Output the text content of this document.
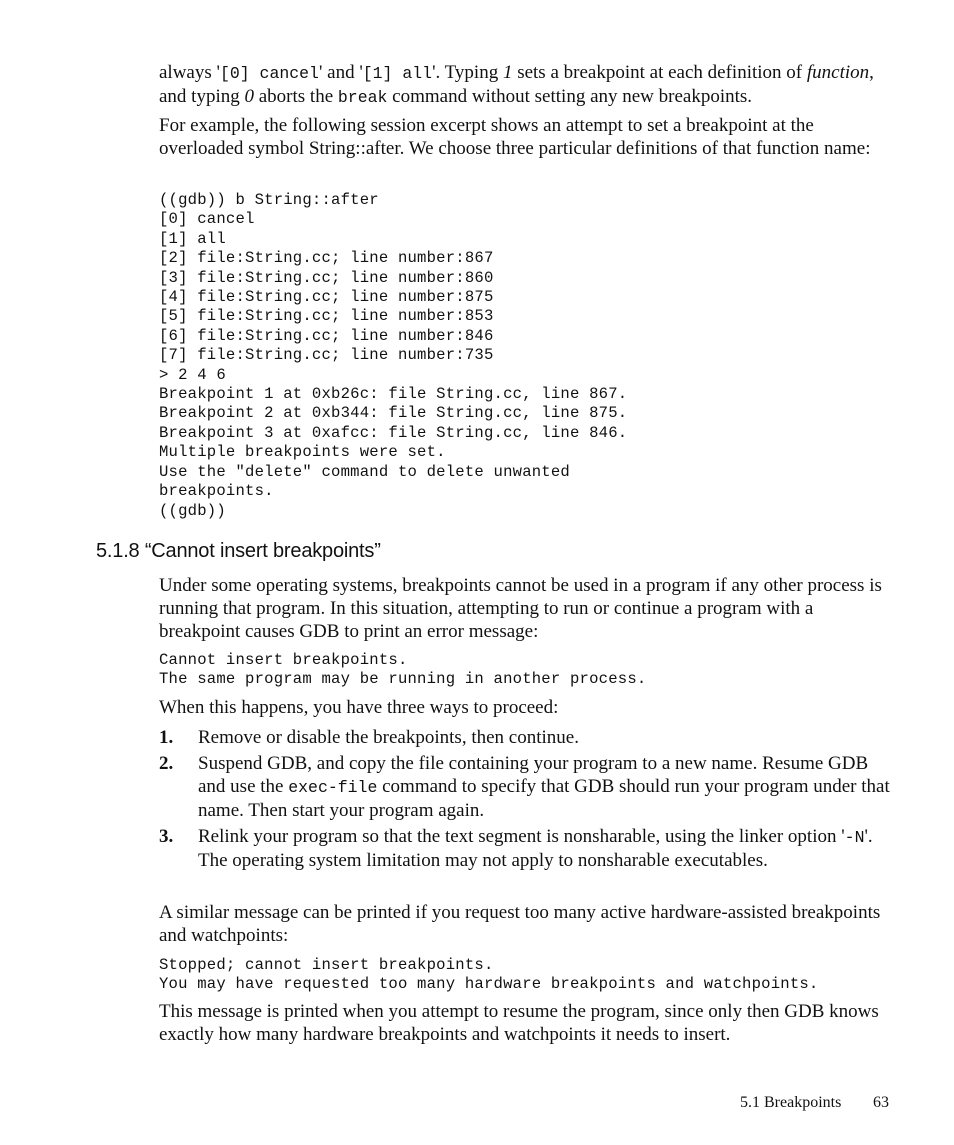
always '[0] cancel' and '[1] all'. Typing 1 sets a breakpoint at each definition of function, and typing 0 aborts the break command without setting any new breakpoints.

For example, the following session excerpt shows an attempt to set a breakpoint at the overloaded symbol String::after. We choose three particular definitions of that function name:

((gdb)) b String::after
[0] cancel
[1] all
[2] file:String.cc; line number:867
[3] file:String.cc; line number:860
[4] file:String.cc; line number:875
[5] file:String.cc; line number:853
[6] file:String.cc; line number:846
[7] file:String.cc; line number:735
> 2 4 6
Breakpoint 1 at 0xb26c: file String.cc, line 867.
Breakpoint 2 at 0xb344: file String.cc, line 875.
Breakpoint 3 at 0xafcc: file String.cc, line 846.
Multiple breakpoints were set.
Use the "delete" command to delete unwanted
breakpoints.
((gdb))
5.1.8 “Cannot insert breakpoints”

Under some operating systems, breakpoints cannot be used in a program if any other process is running that program. In this situation, attempting to run or continue a program with a breakpoint causes GDB to print an error message:

Cannot insert breakpoints.
The same program may be running in another process.

When this happens, you have three ways to proceed:

1. Remove or disable the breakpoints, then continue.
2. Suspend GDB, and copy the file containing your program to a new name. Resume GDB and use the exec-file command to specify that GDB should run your program under that name. Then start your program again.
3. Relink your program so that the text segment is nonsharable, using the linker option '-N'. The operating system limitation may not apply to nonsharable executables.

A similar message can be printed if you request too many active hardware-assisted breakpoints and watchpoints:

Stopped; cannot insert breakpoints.
You may have requested too many hardware breakpoints and watchpoints.

This message is printed when you attempt to resume the program, since only then GDB knows exactly how many hardware breakpoints and watchpoints it needs to insert.

5.1 Breakpoints 63
